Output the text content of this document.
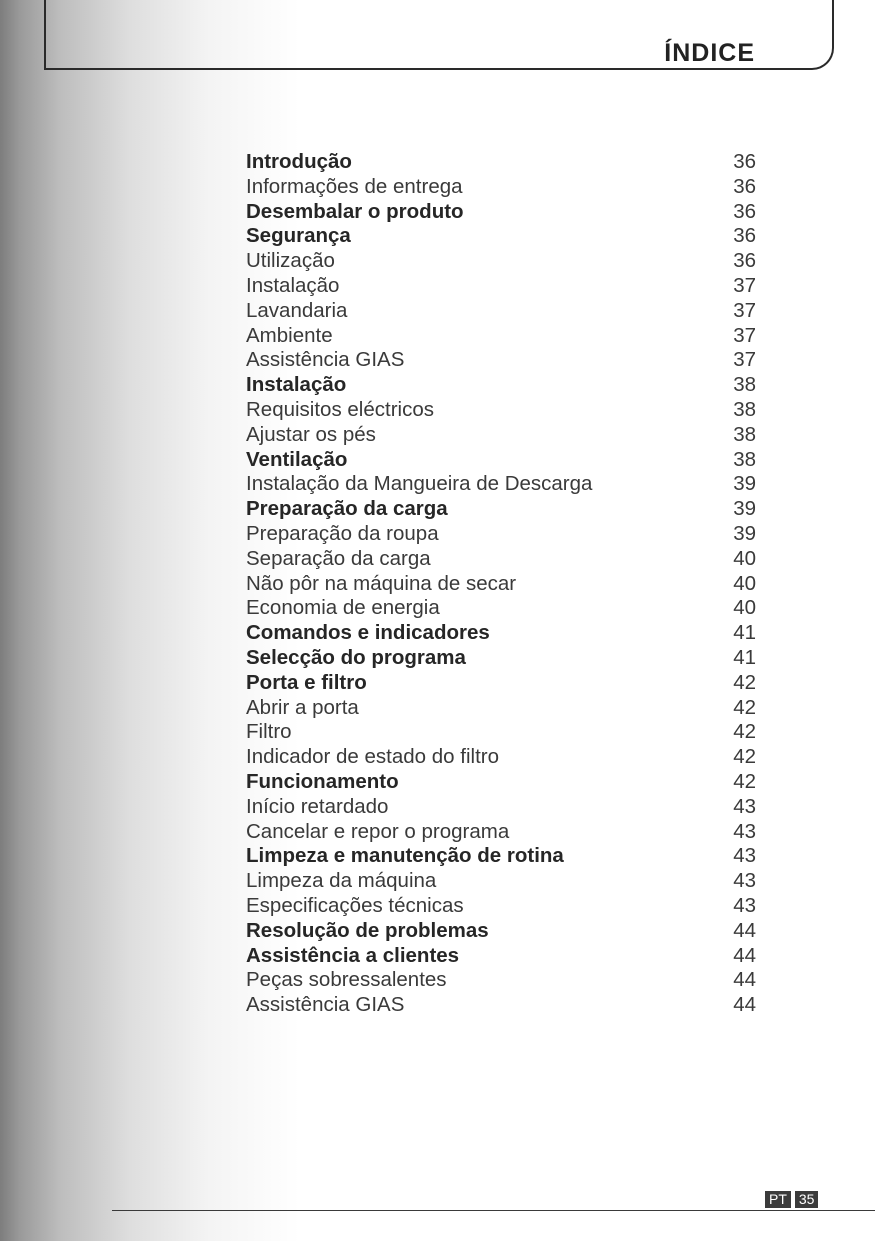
ÍNDICE
Introdução	36
Informações de entrega	36
Desembalar o produto	36
Segurança	36
Utilização	36
Instalação	37
Lavandaria	37
Ambiente	37
Assistência GIAS	37
Instalação	38
Requisitos eléctricos	38
Ajustar os pés	38
Ventilação	38
Instalação da Mangueira de Descarga	39
Preparação da carga	39
Preparação da roupa	39
Separação da carga	40
Não pôr na máquina de secar	40
Economia de energia	40
Comandos e indicadores	41
Selecção do programa	41
Porta e filtro	42
Abrir a porta	42
Filtro	42
Indicador de estado do filtro	42
Funcionamento	42
Início retardado	43
Cancelar e repor o programa	43
Limpeza e manutenção de rotina	43
Limpeza da máquina	43
Especificações técnicas	43
Resolução de problemas	44
Assistência a clientes	44
Peças sobressalentes	44
Assistência GIAS	44
PT 35
